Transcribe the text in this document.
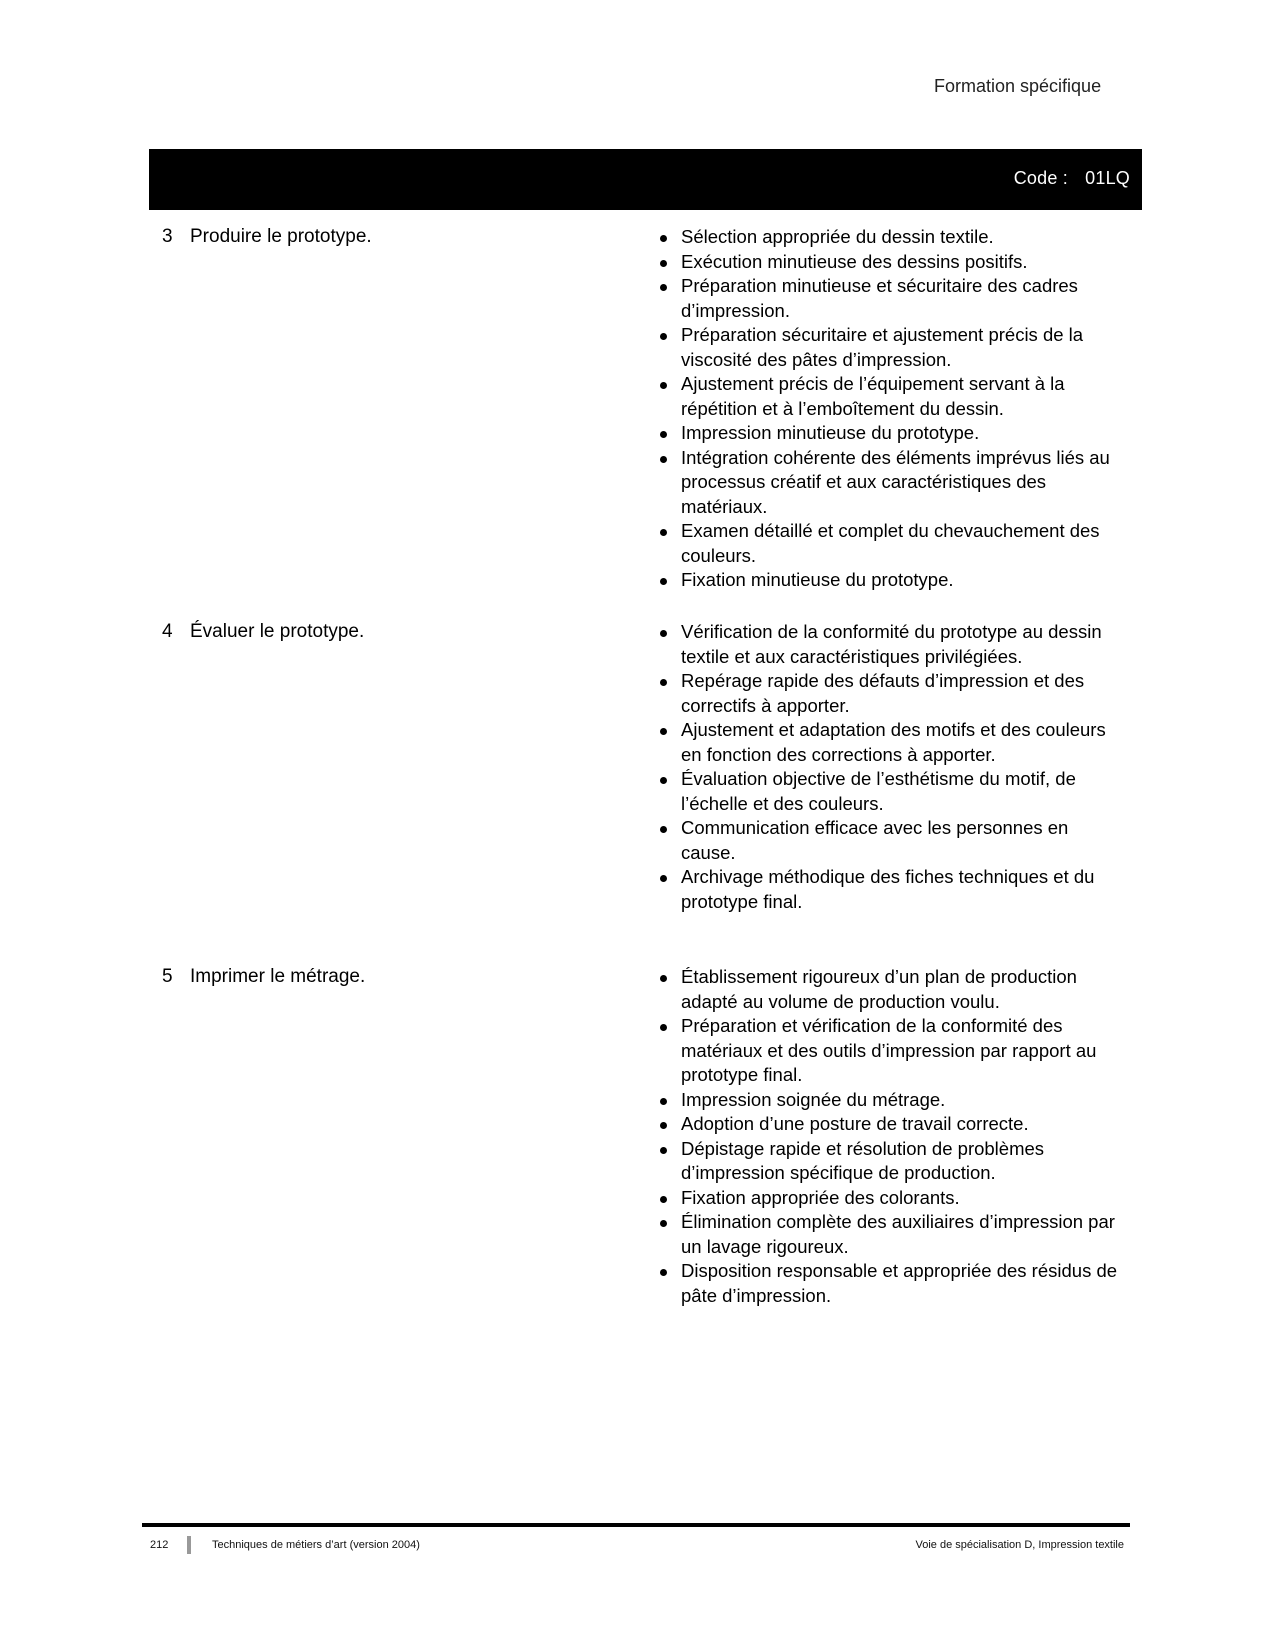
Formation spécifique
Code : 01LQ
3 Produire le prototype.	Sélection appropriée du dessin textile.
Exécution minutieuse des dessins positifs.
Préparation minutieuse et sécuritaire des cadres d’impression.
Préparation sécuritaire et ajustement précis de la viscosité des pâtes d’impression.
Ajustement précis de l’équipement servant à la répétition et à l’emboîtement du dessin.
Impression minutieuse du prototype.
Intégration cohérente des éléments imprévus liés au processus créatif et aux caractéristiques des matériaux.
Examen détaillé et complet du chevauchement des couleurs.
Fixation minutieuse du prototype.
4 Évaluer le prototype.	Vérification de la conformité du prototype au dessin textile et aux caractéristiques privilégiées.
Repérage rapide des défauts d’impression et des correctifs à apporter.
Ajustement et adaptation des motifs et des couleurs en fonction des corrections à apporter.
Évaluation objective de l’esthétisme du motif, de l’échelle et des couleurs.
Communication efficace avec les personnes en cause.
Archivage méthodique des fiches techniques et du prototype final.
5 Imprimer le métrage.	Établissement rigoureux d’un plan de production adapté au volume de production voulu.
Préparation et vérification de la conformité des matériaux et des outils d’impression par rapport au prototype final.
Impression soignée du métrage.
Adoption d’une posture de travail correcte.
Dépistage rapide et résolution de problèmes d’impression spécifique de production.
Fixation appropriée des colorants.
Élimination complète des auxiliaires d’impression par un lavage rigoureux.
Disposition responsable et appropriée des résidus de pâte d’impression.
212	Techniques de métiers d’art (version 2004)	Voie de spécialisation D, Impression textile
